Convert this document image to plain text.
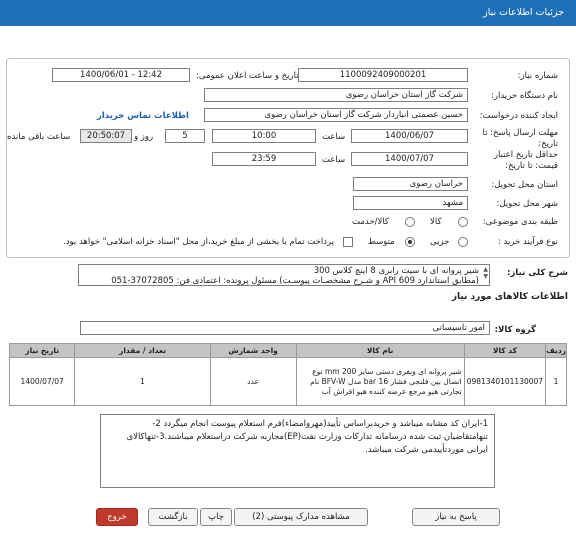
جزئیات اطلاعات نیاز
شماره نیاز:
1100092409000201
تاریخ و ساعت اعلان عمومی:
1400/06/01 - 12:42
نام دستگاه خریدار:
شرکت گاز استان خراسان رضوی
ایجاد کننده درخواست:
حسین عصمتی انباردار شرکت گاز استان خراسان رضوی
اطلاعات تماس خریدار
مهلت ارسال پاسخ: تا تاریخ:
1400/06/07
ساعت
10:00
5
روز و
20:50:07
ساعت باقی مانده
حداقل تاریخ اعتبار قیمت: تا تاریخ:
1400/07/07
ساعت
23:59
استان محل تحویل:
خراسان رضوی
شهر محل تحویل:
مشهد
طبقه بندی موضوعی:
کالا
کالا/خدمت
نوع فرآیند خرید :
جزیی
متوسط
پرداخت تمام یا بخشی از مبلغ خرید،از محل "اسناد خزانه اسلامی" خواهد بود.
شرح کلی نیاز:
شیر پروانه ای با سیت رابری 8 اینچ کلاس 300
(مطابق استاندارد API 609 و شـرح مشخصـات پیوسـت) مسئول پرونده: اعتمادی فن: 37072805-051
▲
▼
اطلاعات کالاهای مورد نیاز
گروه کالا:
امور تاسیساتی
ردیف	کد کالا	نام کالا	واحد شمارش	تعداد / مقدار	تاریخ نیاز
1	0981340101130007	شیر پروانه ای ویفری دستی سایز 200 mm نوع اتصال بین فلنجی فشار 16 bar مدل BFV-W نام تجارتی هیو مرجع عرضه کننده هیو افراش آب	عدد	1	1400/07/07
1-ایران کد مشابه میباشد و خریدبراساس تأیید(مهروامضاء)فرم استعلام پیوست انجام میگردد 2-
تنهامتقاضیان ثبت شده درسامانه تدارکات وزارت نفت(EP)مجازبه شرکت دراستعلام میباشند.3-تنهاکالای
ایرانی موردتأییدمی شرکت میباشد.
پاسخ به نیاز
مشاهده مدارک پیوستی (2)
چاپ
بازگشت
خروج
